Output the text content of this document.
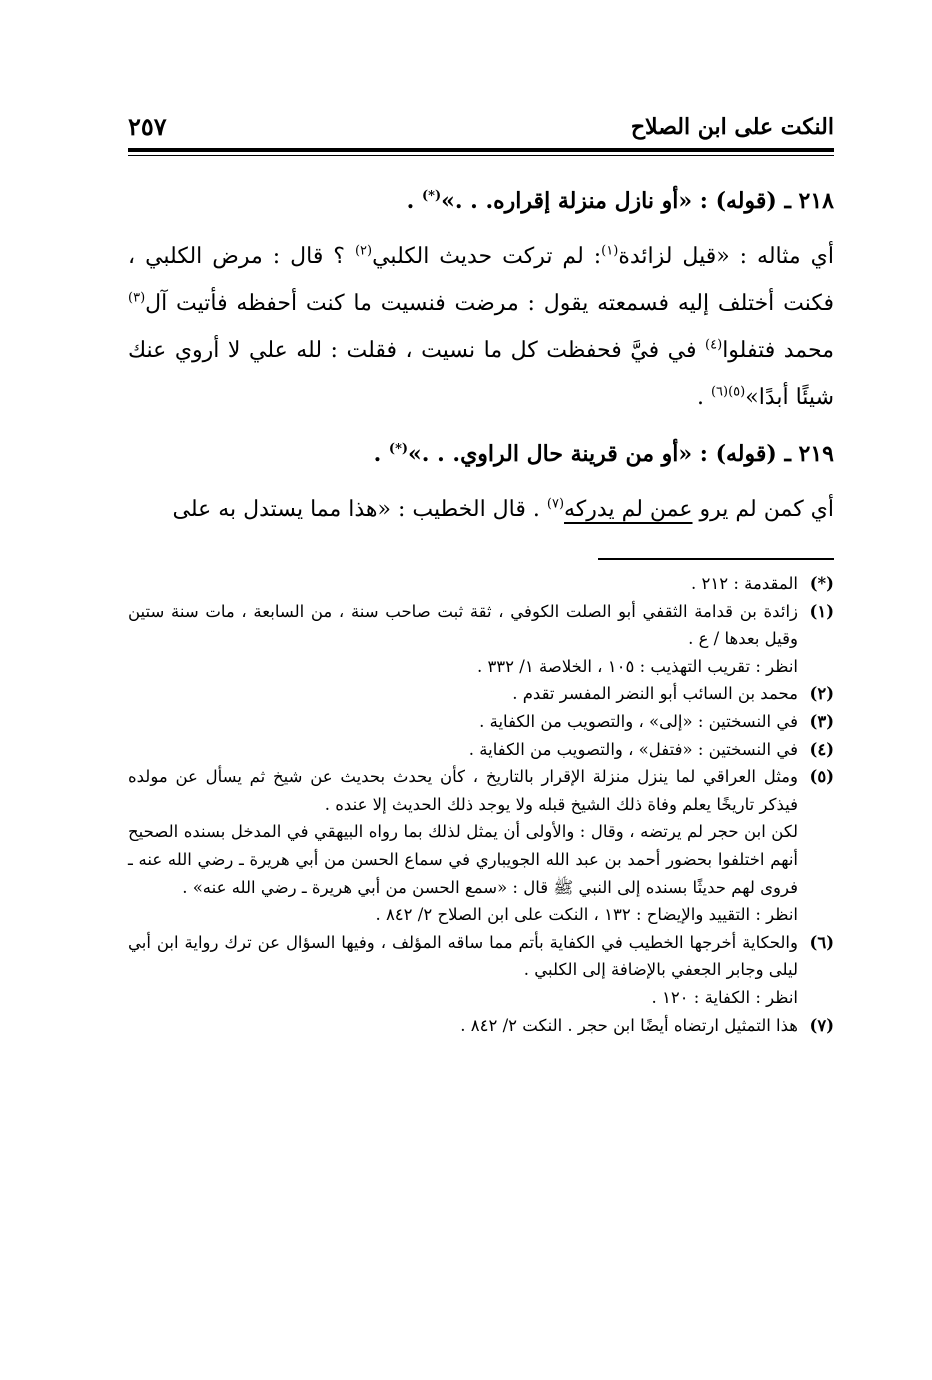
النكت على ابن الصلاح
٢٥٧

٢١٨ ـ (قوله) : «أو نازل منزلة إقراره. . .»(*) .

أي مثاله : «قيل لزائدة$^{(١)}$: لم تركت حديث الكلبي$^{(٢)}$ ؟ قال : مرض الكلبي ، فكنت أختلف إليه فسمعته يقول : مرضت فنسيت ما كنت أحفظه فأتيت آل$^{(٣)}$ محمد فتفلوا$^{(٤)}$ في فيَّ فحفظت كل ما نسيت ، فقلت : لله علي لا أروي عنك شيئًا أبدًا»$^{(٥)(٦)}$ .

٢١٩ ـ (قوله) : «أو من قرينة حال الراوي. . .»(*) .

أي كمن لم يرو عمن لم يدركه$^{(٧)}$ . قال الخطيب : «هذا مما يستدل به على

(*)
المقدمة : ٢١٢ .
(١)
زائدة بن قدامة الثقفي أبو الصلت الكوفي ، ثقة ثبت صاحب سنة ، من السابعة ، مات سنة ستين وقيل بعدها / ع .
انظر : تقريب التهذيب : ١٠٥ ، الخلاصة ١/ ٣٣٢ .
(٢)
محمد بن السائب أبو النضر المفسر تقدم .
(٣)
في النسختين : «إلى» ، والتصويب من الكفاية .
(٤)
في النسختين : «فتفل» ، والتصويب من الكفاية .
(٥)
ومثل العراقي لما ينزل منزلة الإقرار بالتاريخ ، كأن يحدث بحديث عن شيخ ثم يسأل عن مولده فيذكر تاريخًا يعلم وفاة ذلك الشيخ قبله ولا يوجد ذلك الحديث إلا عنده .
لكن ابن حجر لم يرتضه ، وقال : والأولى أن يمثل لذلك بما رواه البيهقي في المدخل بسنده الصحيح أنهم اختلفوا بحضور أحمد بن عبد الله الجويباري في سماع الحسن من أبي هريرة ـ رضي الله عنه ـ فروى لهم حديثًا بسنده إلى النبي ﷺ قال : «سمع الحسن من أبي هريرة ـ رضي الله عنه» .
انظر : التقييد والإيضاح : ١٣٢ ، النكت على ابن الصلاح ٢/ ٨٤٢ .
(٦)
والحكاية أخرجها الخطيب في الكفاية بأتم مما ساقه المؤلف ، وفيها السؤال عن ترك رواية ابن أبي ليلى وجابر الجعفي بالإضافة إلى الكلبي .
انظر : الكفاية : ١٢٠ .
(٧)
هذا التمثيل ارتضاه أيضًا ابن حجر . النكت ٢/ ٨٤٢ .
